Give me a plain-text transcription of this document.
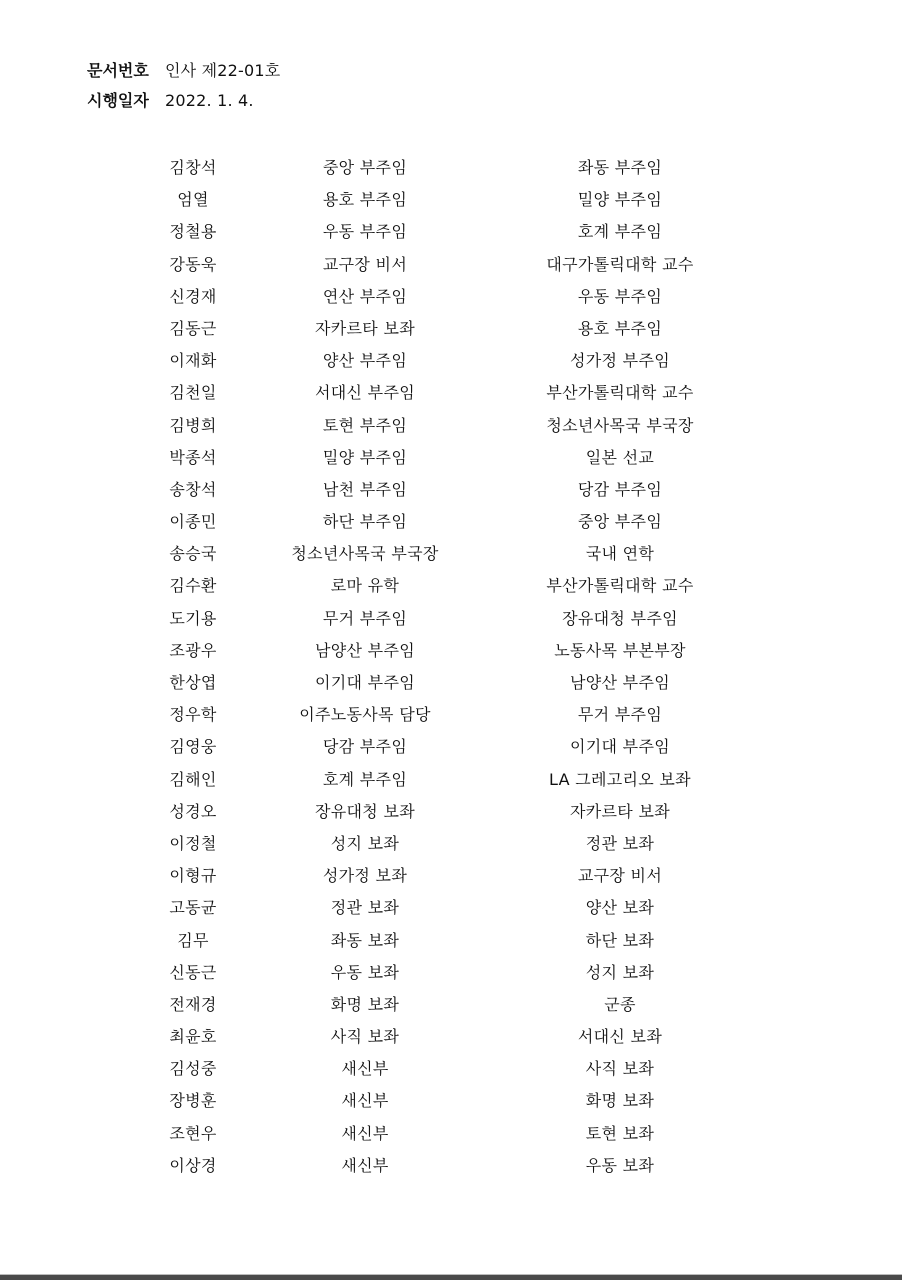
문서번호 인사 제22-01호
시행일자 2022. 1. 4.
김창석	중앙 부주임	좌동 부주임
엄열	용호 부주임	밀양 부주임
정철용	우동 부주임	호계 부주임
강동욱	교구장 비서	대구가톨릭대학 교수
신경재	연산 부주임	우동 부주임
김동근	자카르타 보좌	용호 부주임
이재화	양산 부주임	성가정 부주임
김천일	서대신 부주임	부산가톨릭대학 교수
김병희	토현 부주임	청소년사목국 부국장
박종석	밀양 부주임	일본 선교
송창석	남천 부주임	당감 부주임
이종민	하단 부주임	중앙 부주임
송승국	청소년사목국 부국장	국내 연학
김수환	로마 유학	부산가톨릭대학 교수
도기용	무거 부주임	장유대청 부주임
조광우	남양산 부주임	노동사목 부본부장
한상엽	이기대 부주임	남양산 부주임
정우학	이주노동사목 담당	무거 부주임
김영웅	당감 부주임	이기대 부주임
김해인	호계 부주임	LA 그레고리오 보좌
성경오	장유대청 보좌	자카르타 보좌
이정철	성지 보좌	정관 보좌
이형규	성가정 보좌	교구장 비서
고동균	정관 보좌	양산 보좌
김무	좌동 보좌	하단 보좌
신동근	우동 보좌	성지 보좌
전재경	화명 보좌	군종
최윤호	사직 보좌	서대신 보좌
김성중	새신부	사직 보좌
장병훈	새신부	화명 보좌
조현우	새신부	토현 보좌
이상경	새신부	우동 보좌
